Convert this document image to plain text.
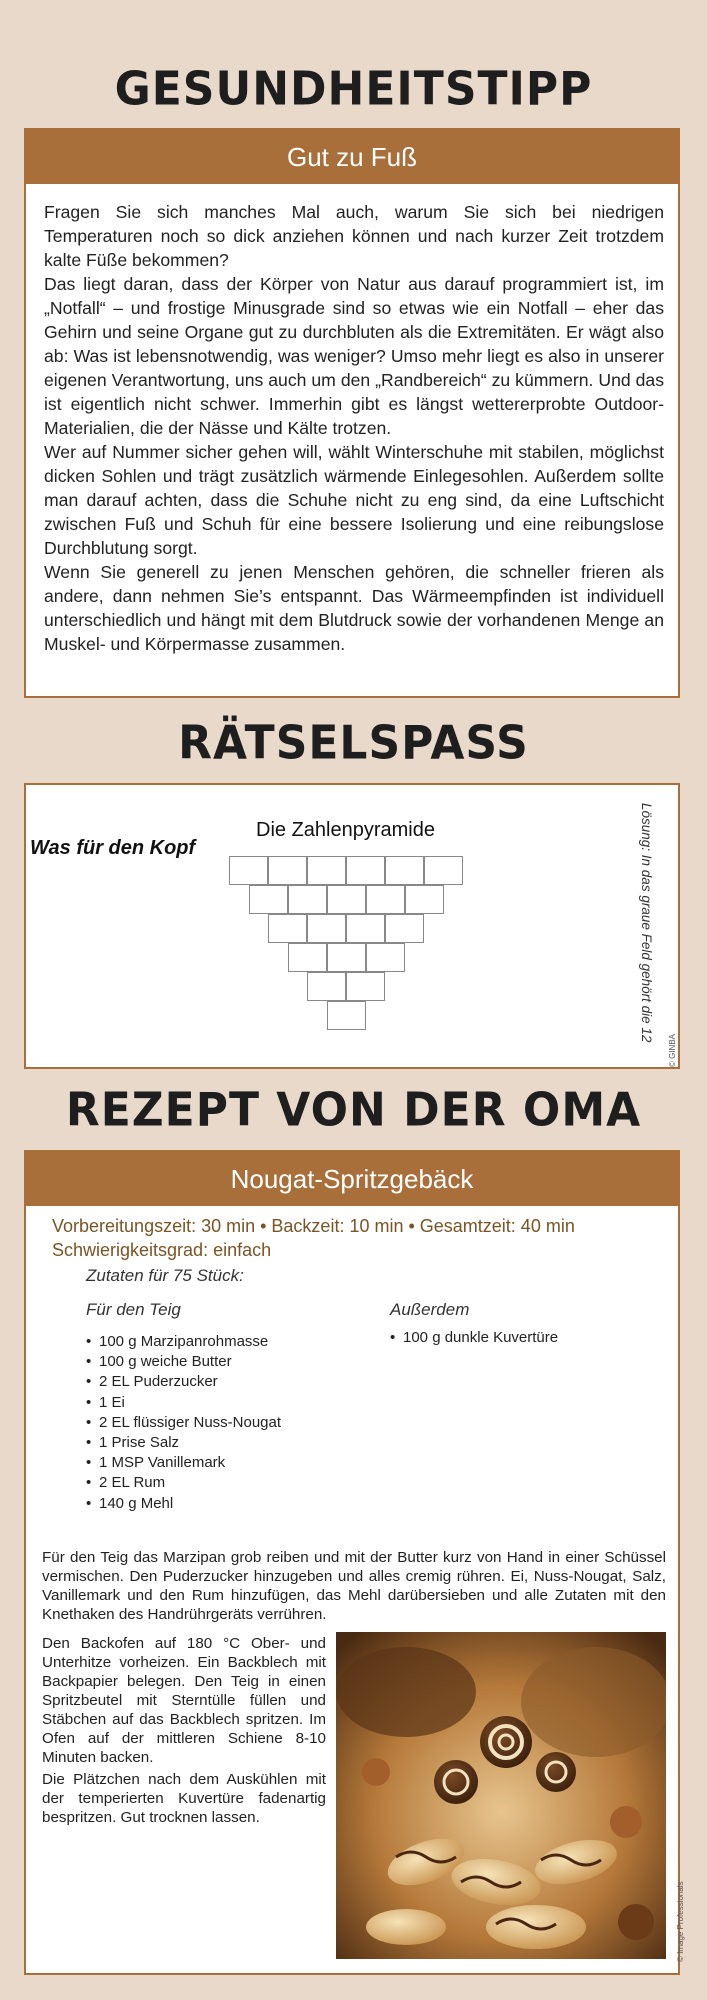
GESUNDHEITSTIPP
Gut zu Fuß

Fragen Sie sich manches Mal auch, warum Sie sich bei niedrigen Temperaturen noch so dick anziehen können und nach kurzer Zeit trotzdem kalte Füße bekommen?

Das liegt daran, dass der Körper von Natur aus darauf programmiert ist, im „Notfall“ – und frostige Minusgrade sind so etwas wie ein Notfall – eher das Gehirn und seine Organe gut zu durchbluten als die Extremitäten. Er wägt also ab: Was ist lebensnotwendig, was weniger? Umso mehr liegt es also in unserer eigenen Verantwortung, uns auch um den „Randbereich“ zu kümmern. Und das ist eigentlich nicht schwer. Immerhin gibt es längst wettererprobte Outdoor- Materialien, die der Nässe und Kälte trotzen.

Wer auf Nummer sicher gehen will, wählt Winterschuhe mit stabilen, möglichst dicken Sohlen und trägt zusätzlich wärmende Einlegesohlen. Außerdem sollte man darauf achten, dass die Schuhe nicht zu eng sind, da eine Luftschicht zwischen Fuß und Schuh für eine bessere Isolierung und eine reibungslose Durchblutung sorgt.

Wenn Sie generell zu jenen Menschen gehören, die schneller frieren als andere, dann nehmen Sie’s entspannt. Das Wärmeempfinden ist individuell unterschiedlich und hängt mit dem Blutdruck sowie der vorhandenen Menge an Muskel- und Körpermasse zusammen.

RÄTSELSPASS
Was für den Kopf
Die Zahlenpyramide	Lösung: In das graue Feld gehört die 12
© GINBA
REZEPT VON DER OMA
Nougat-Spritzgebäck
Vorbereitungszeit: 30 min • Backzeit: 10 min • Gesamtzeit: 40 min
Schwierigkeitsgrad: einfach
Zutaten für 75 Stück:
Für den Teig
• 100 g Marzipanrohmasse
• 100 g weiche Butter
• 2 EL Puderzucker
• 1 Ei
• 2 EL flüssiger Nuss-Nougat
• 1 Prise Salz
• 1 MSP Vanillemark
• 2 EL Rum
• 140 g Mehl
Außerdem
• 100 g dunkle Kuvertüre

Für den Teig das Marzipan grob reiben und mit der Butter kurz von Hand in einer Schüssel vermischen. Den Puderzucker hinzugeben und alles cremig rühren. Ei, Nuss-Nougat, Salz, Vanillemark und den Rum hinzufügen, das Mehl darübersieben und alle Zutaten mit den Knethaken des Handrührgeräts verrühren.

Den Backofen auf 180 °C Ober- und Unterhitze vorheizen. Ein Backblech mit Backpapier belegen. Den Teig in einen Spritzbeutel mit Sterntülle füllen und Stäbchen auf das Backblech spritzen. Im Ofen auf der mittleren Schiene 8-10 Minuten backen.

Die Plätzchen nach dem Auskühlen mit der temperierten Kuvertüre fadenartig bespritzen. Gut trocknen lassen.

© Image Professionals
